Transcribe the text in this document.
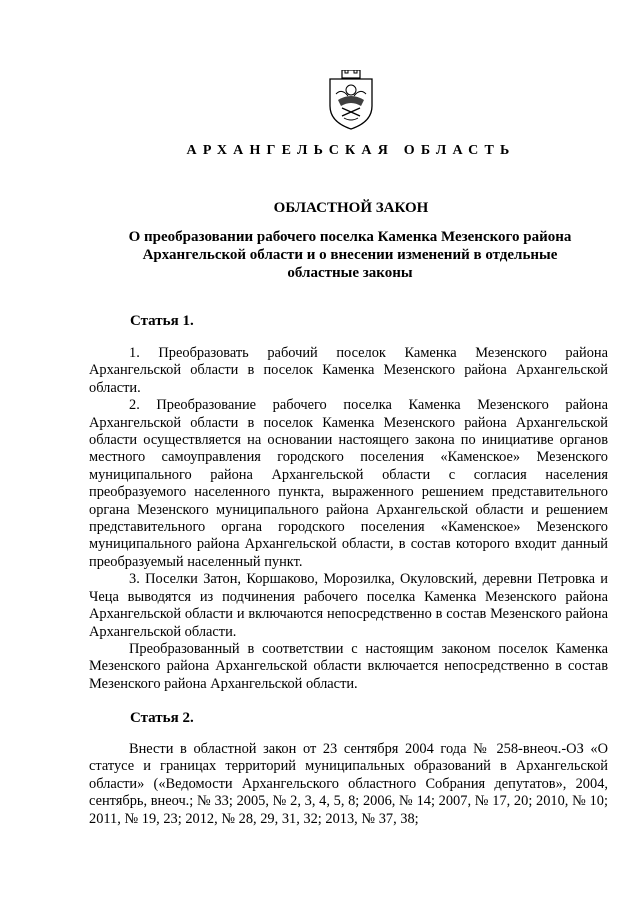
АРХАНГЕЛЬСКАЯ ОБЛАСТЬ
ОБЛАСТНОЙ ЗАКОН
О преобразовании рабочего поселка Каменка Мезенского района Архангельской области и о внесении изменений в отдельные областные законы
Статья 1.

1. Преобразовать рабочий поселок Каменка Мезенского района Архангельской области в поселок Каменка Мезенского района Архангельской области.

2. Преобразование рабочего поселка Каменка Мезенского района Архангельской области в поселок Каменка Мезенского района Архангельской области осуществляется на основании настоящего закона по инициативе органов местного самоуправления городского поселения «Каменское» Мезенского муниципального района Архангельской области с согласия населения преобразуемого населенного пункта, выраженного решением представительного органа Мезенского муниципального района Архангельской области и решением представительного органа городского поселения «Каменское» Мезенского муниципального района Архангельской области, в состав которого входит данный преобразуемый населенный пункт.

3. Поселки Затон, Коршаково, Морозилка, Окуловский, деревни Петровка и Чеца выводятся из подчинения рабочего поселка Каменка Мезенского района Архангельской области и включаются непосредственно в состав Мезенского района Архангельской области.

Преобразованный в соответствии с настоящим законом поселок Каменка Мезенского района Архангельской области включается непосредственно в состав Мезенского района Архангельской области.

Статья 2.

Внести в областной закон от 23 сентября 2004 года № 258-внеоч.-ОЗ «О статусе и границах территорий муниципальных образований в Архангельской области» («Ведомости Архангельского областного Собрания депутатов», 2004, сентябрь, внеоч.; № 33; 2005, № 2, 3, 4, 5, 8; 2006, № 14; 2007, № 17, 20; 2010, № 10; 2011, № 19, 23; 2012, № 28, 29, 31, 32; 2013, № 37, 38;
